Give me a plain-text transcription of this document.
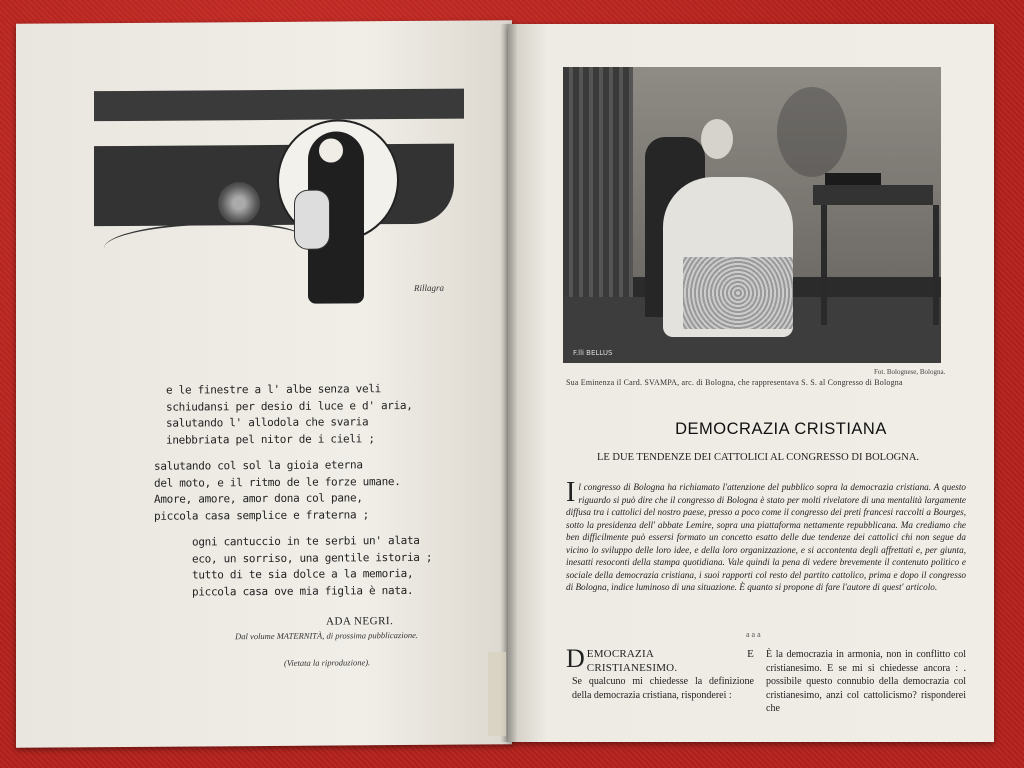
Rillagra
e le finestre a l' albe senza veli
schiudansi per desio di luce e d' aria,
salutando l' allodola che svaria
inebbriata pel nitor de i cieli ;
salutando col sol la gioia eterna
del moto, e il ritmo de le forze umane.
Amore, amore, amor dona col pane,
piccola casa semplice e fraterna ;
ogni cantuccio in te serbi un' alata
eco, un sorriso, una gentile istoria ;
tutto di te sia dolce a la memoria,
piccola casa ove mia figlia è nata.
ADA NEGRI.
Dal volume MATERNITÀ, di prossima pubblicazione.
(Vietata la riproduzione).
F.lli BELLUS
Fot. Bolognese, Bologna.
Sua Eminenza il Card. SVAMPA, arc. di Bologna, che rappresentava S. S. al Congresso di Bologna
DEMOCRAZIA CRISTIANA
LE DUE TENDENZE DEI CATTOLICI AL CONGRESSO DI BOLOGNA.
Il congresso di Bologna ha richiamato l'attenzione del pubblico sopra la democrazia cristiana. A questo riguardo si può dire che il congresso di Bologna è stato per molti rivelatore di una mentalità largamente diffusa tra i cattolici del nostro paese, presso a poco come il congresso dei preti francesi raccolti a Bourges, sotto la presidenza dell' abbate Lemire, sopra una piattaforma nettamente repubblicana. Ma crediamo che ben difficilmente può essersi formato un concetto esatto delle due tendenze dei cattolici chi non segue da vicino lo sviluppo delle loro idee, e della loro organizzazione, e si accontenta degli affrettati e, per giunta, inesatti resoconti della stampa quotidiana. Vale quindi la pena di vedere brevemente il contenuto politico e sociale della democrazia cristiana, i suoi rapporti col resto del partito cattolico, prima e dopo il congresso di Bologna, indice luminoso di una situazione. È quanto si propone di fare l'autore di quest' articolo.
a a a
DEMOCRAZIA E CRISTIANESIMO.
Se qualcuno mi chiedesse la definizione della democrazia cristiana, risponderei :
È la democrazia in armonia, non in conflitto col cristianesimo. E se mi si chiedesse ancora : . possibile questo connubio della democrazia col cristianesimo, anzi col cattolicismo? risponderei che
